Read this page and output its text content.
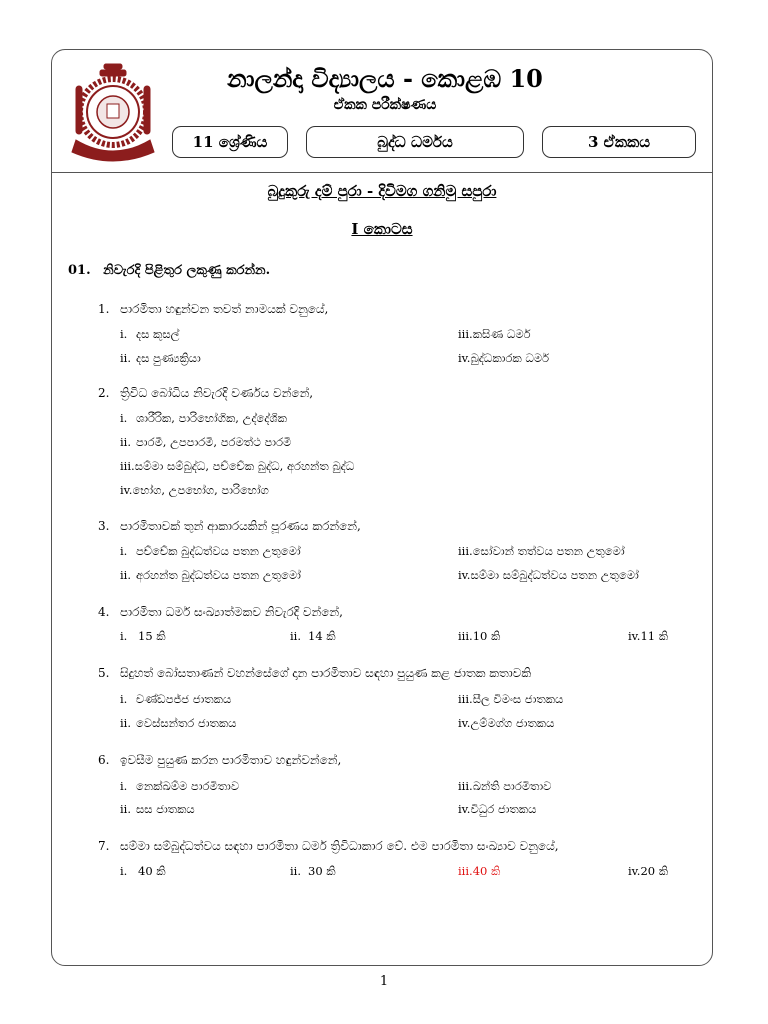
නාලන්දා විද්‍යාලය - කොළඹ 10
ඒකක පරීක්ෂණය
11 ශ්‍රේණිය	බුද්ධ ධර්මය	3 ඒකකය
බුදුකුරු දම් පුරා - දිවිමග ගනිමු සපුරා
I කොටස
01. නිවැරදි පිළිතුර ලකුණු කරන්න.
1. පාරමිතා හඳුන්වන තවත් නාමයක් වනුයේ,
i. දස කුසල්	iii.කසිණ ධර්ම
ii. දස පුණ්‍යක්‍රියා	iv.බුද්ධකාරක ධර්ම
2. ත්‍රිවිධ බෝධිය නිවැරදි වර්ණය වන්නේ,
i. ශාරීරික, පාරිභෝගික, උද්දේශික
ii. පාරමී, උපපාරමී, පරමත්ථ පාරමී
iii.සම්මා සම්බුද්ධ, පච්චේක බුද්ධ, අරහන්ත බුද්ධ
iv.භෝග, උපභෝග, පාරිභෝග
3. පාරමිතාවක් තුන් ආකාරයකින් පූරණය කරන්නේ,
i. පච්චේක බුද්ධත්වය පතන උතුමෝ	iii.සෝවාන් තත්වය පතන උතුමෝ
ii. අරහන්ත බුද්ධත්වය පතන උතුමෝ	iv.සම්මා සම්බුද්ධත්වය පතන උතුමෝ
4. පාරමිතා ධර්ම සංඛ්‍යාත්මකව නිවැරදි වන්නේ,
i. 15 කි	ii. 14 කි	iii.10 කි	iv.11 කි
5. සිදුහත් බෝසතාණන් වහන්සේගේ දාන පාරමිතාව සඳහා පුයුණ කළ ජාතක කතාවකි
i. චණ්ඩපජ්ජ ජාතකය	iii.සීල විමංස ජාතකය
ii. වෙස්සන්තර ජාතකය	iv.උම්මග්ග ජාතකය
6. ඉවසීම පුයුණ කරන පාරමිතාව හඳුන්වන්නේ,
i. නෙක්ඛම්ම පාරමිතාව	iii.ඛන්ති පාරමිතාව
ii. සස ජාතකය	iv.විධුර ජාතකය
7. සම්මා සම්බුද්ධත්වය සඳහා පාරමිතා ධර්ම ත්‍රිවිධාකාර වේ. එම පාරමිතා සංඛ්‍යාව වනුයේ,
i. 40 කි	ii. 30 කි	iii.40 කි	iv.20 කි
1
